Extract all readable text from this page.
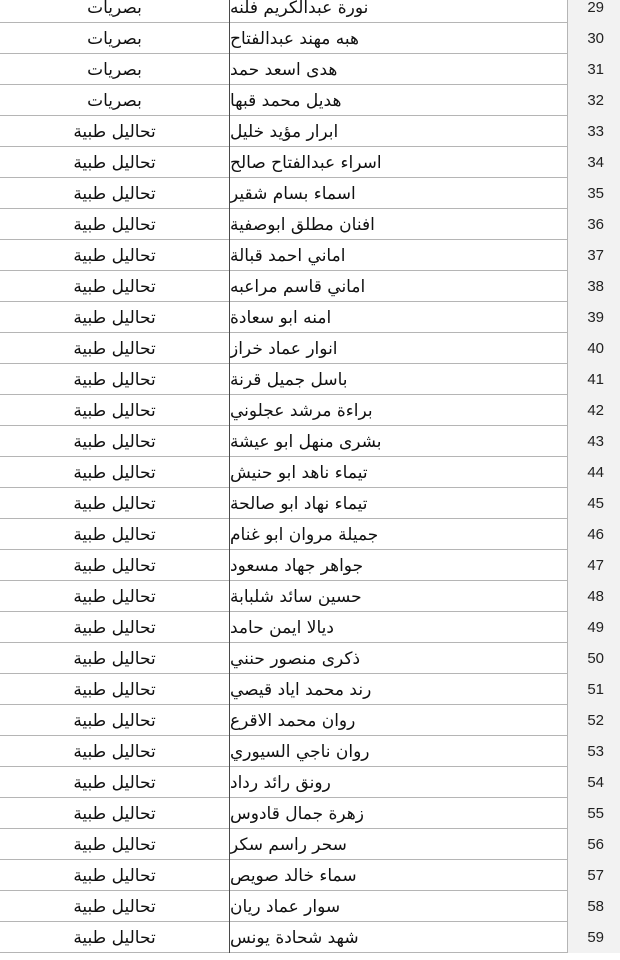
بصريات	نورة عبدالكريم فلنه	29
بصريات	هبه مهند عبدالفتاح	30
بصريات	هدى اسعد حمد	31
بصريات	هديل محمد قبها	32
تحاليل طبية	ابرار مؤيد خليل	33
تحاليل طبية	اسراء عبدالفتاح صالح	34
تحاليل طبية	اسماء بسام شقير	35
تحاليل طبية	افنان مطلق ابوصفية	36
تحاليل طبية	اماني احمد قبالة	37
تحاليل طبية	اماني قاسم مراعبه	38
تحاليل طبية	امنه ابو سعادة	39
تحاليل طبية	انوار عماد خراز	40
تحاليل طبية	باسل جميل قرنة	41
تحاليل طبية	براءة مرشد عجلوني	42
تحاليل طبية	بشرى منهل ابو عيشة	43
تحاليل طبية	تيماء ناهد ابو حنيش	44
تحاليل طبية	تيماء نهاد ابو صالحة	45
تحاليل طبية	جميلة مروان ابو غنام	46
تحاليل طبية	جواهر جهاد مسعود	47
تحاليل طبية	حسين سائد شلبابة	48
تحاليل طبية	ديالا ايمن حامد	49
تحاليل طبية	ذكرى منصور حنني	50
تحاليل طبية	رند محمد اياد قيصي	51
تحاليل طبية	روان محمد الاقرع	52
تحاليل طبية	روان ناجي السيوري	53
تحاليل طبية	رونق رائد رداد	54
تحاليل طبية	زهرة جمال قادوس	55
تحاليل طبية	سحر راسم سكر	56
تحاليل طبية	سماء خالد صويص	57
تحاليل طبية	سوار عماد ريان	58
تحاليل طبية	شهد شحادة يونس	59
